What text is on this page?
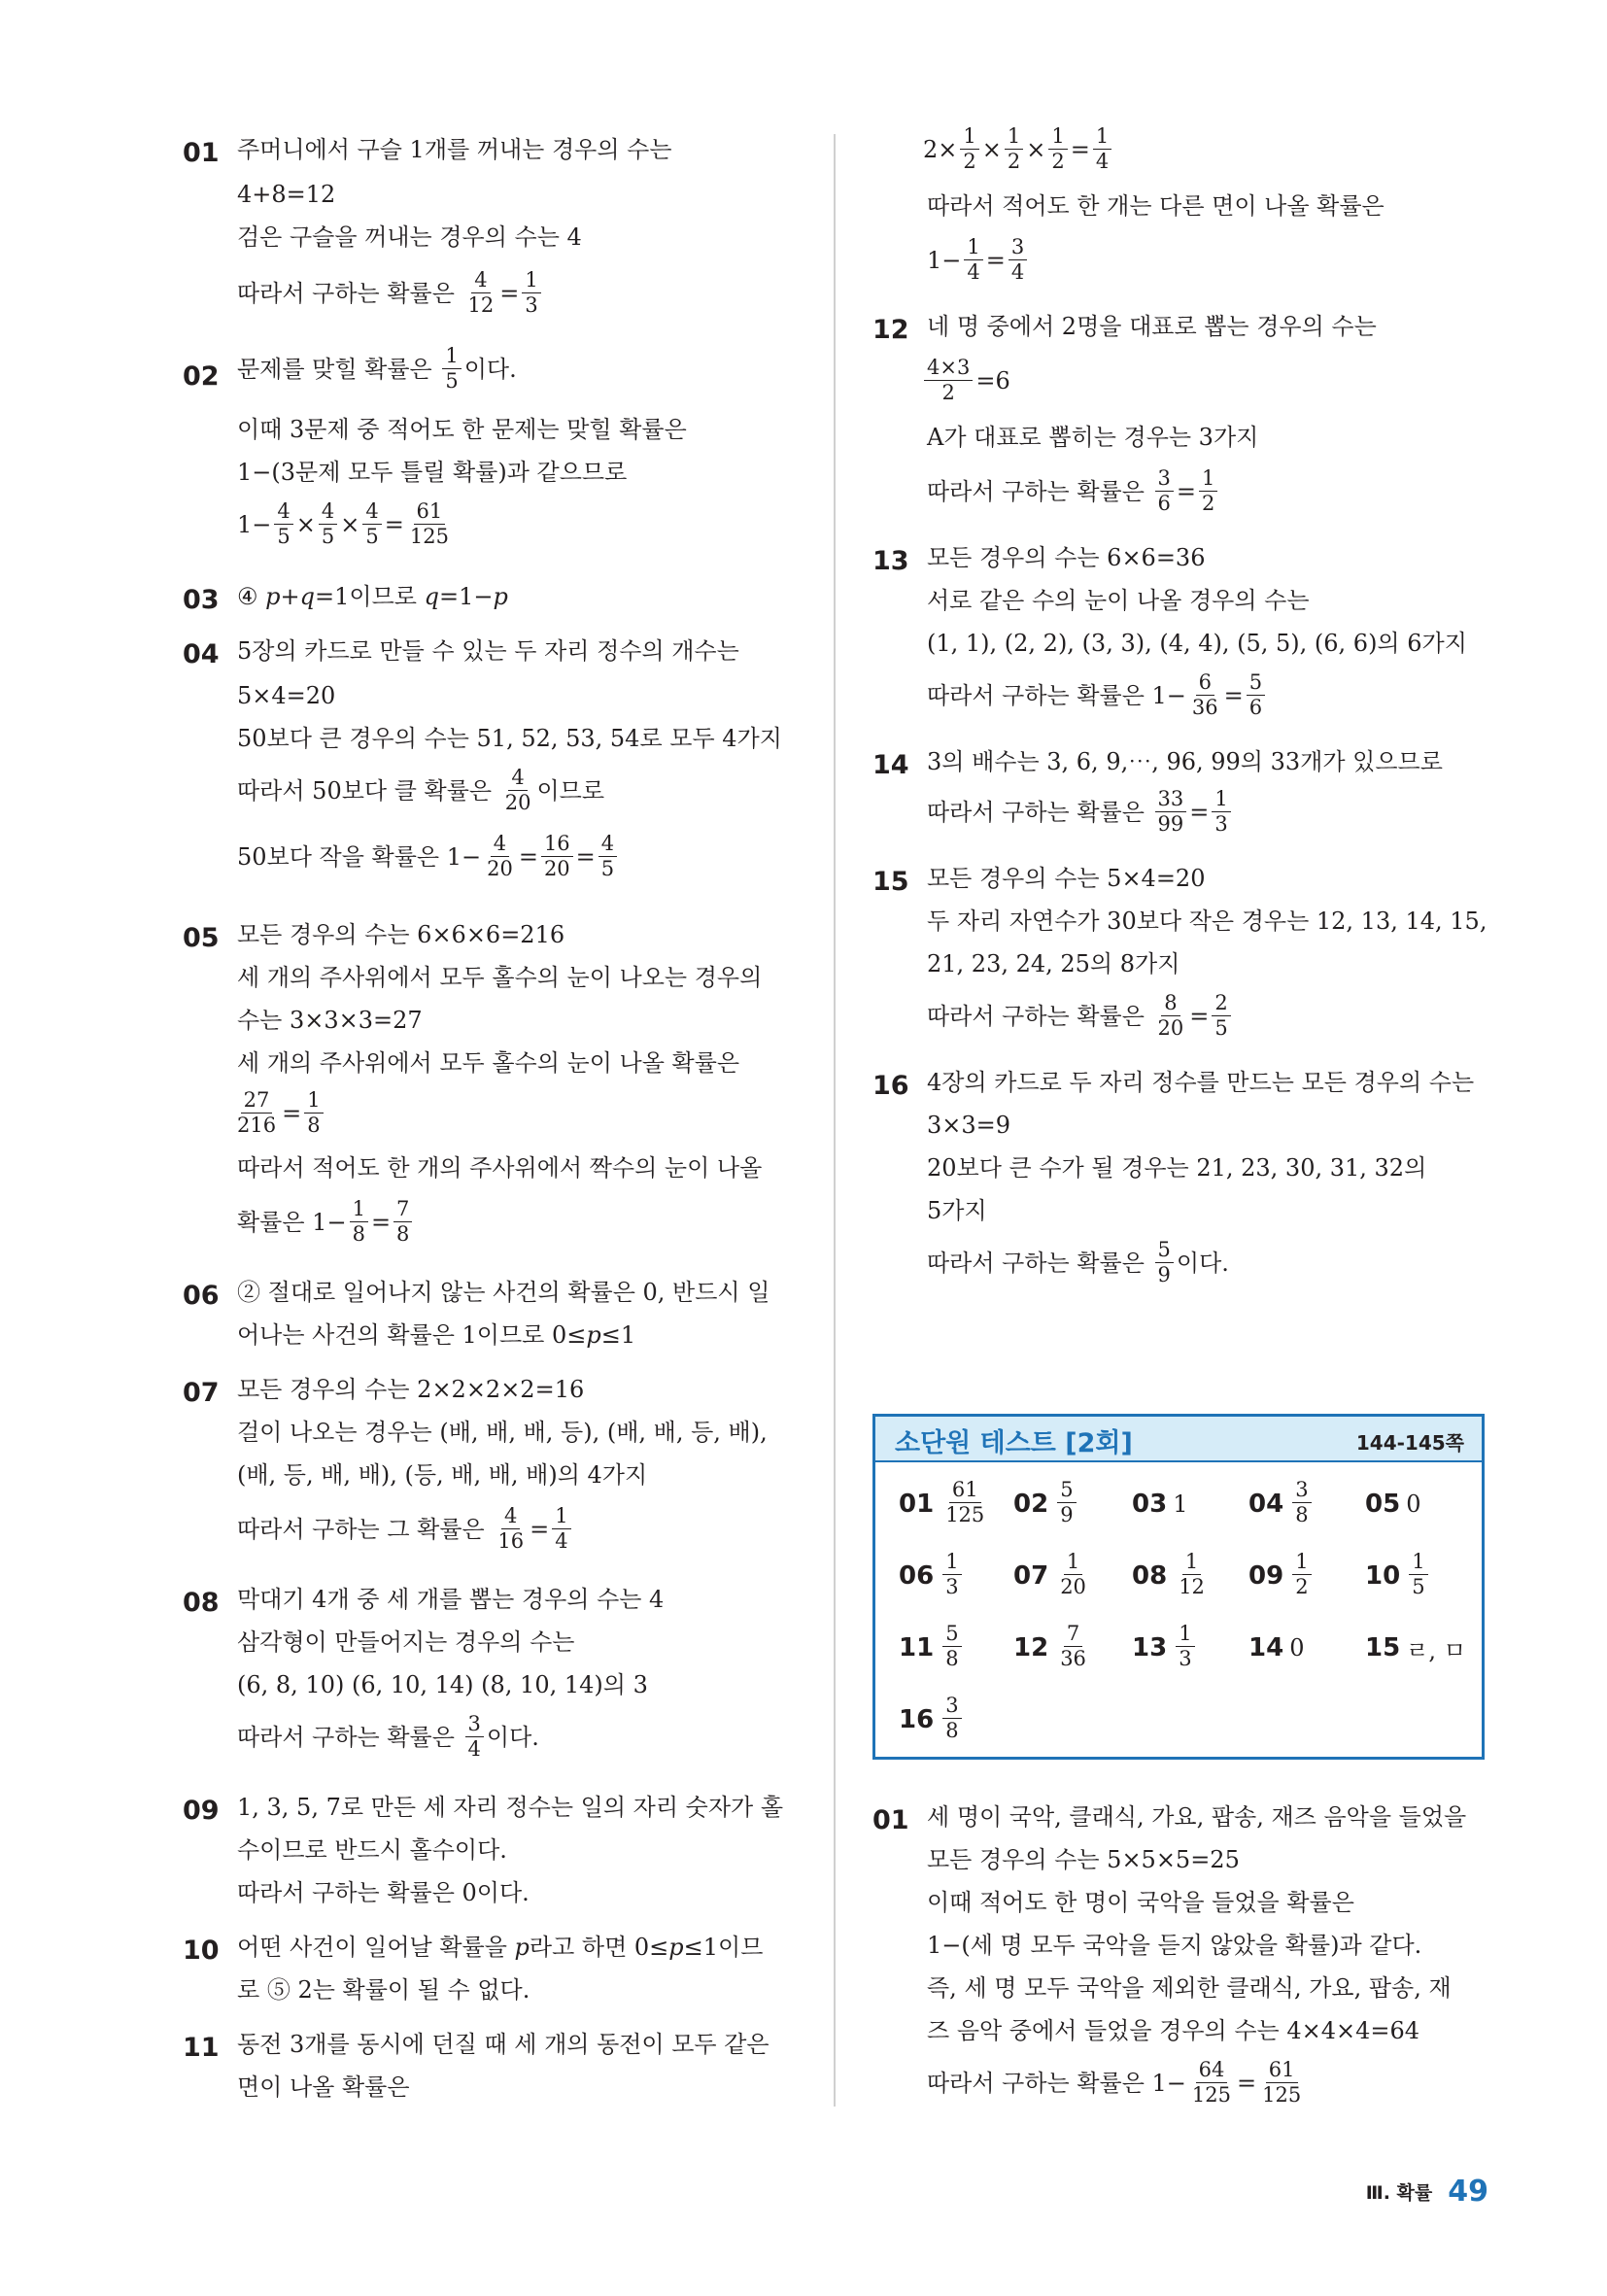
01 주머니에서 구슬 1개를 꺼내는 경우의 수는
4+8=12
검은 구슬을 꺼내는 경우의 수는 4
따라서 구하는 확률은 $\frac{4}{12} = \frac{1}{3}$
02 문제를 맞힐 확률은 $\frac{1}{5}$ 이다.
이때 3문제 중 적어도 한 문제는 맞힐 확률은
1−(3문제 모두 틀릴 확률)과 같으므로
$1- \frac{4}{5} \times \frac{4}{5} \times \frac{4}{5} = \frac{61}{125}$
03 ④ p+q=1이므로 q=1−p
04 5장의 카드로 만들 수 있는 두 자리 정수의 개수는
5×4=20
50보다 큰 경우의 수는 51, 52, 53, 54로 모두 4가지
따라서 50보다 클 확률은 $\frac{4}{20}$ 이므로
50보다 작을 확률은 $1- \frac{4}{20} = \frac{16}{20} = \frac{4}{5}$
05 모든 경우의 수는 6×6×6=216
세 개의 주사위에서 모두 홀수의 눈이 나오는 경우의
수는 3×3×3=27
세 개의 주사위에서 모두 홀수의 눈이 나올 확률은
$\frac{27}{216} = \frac{1}{8}$
따라서 적어도 한 개의 주사위에서 짝수의 눈이 나올
확률은 $1- \frac{1}{8} = \frac{7}{8}$
06 ② 절대로 일어나지 않는 사건의 확률은 0, 반드시 일
어나는 사건의 확률은 1이므로 0≤p≤1
07 모든 경우의 수는 2×2×2×2=16
걸이 나오는 경우는 (배, 배, 배, 등), (배, 배, 등, 배),
(배, 등, 배, 배), (등, 배, 배, 배)의 4가지
따라서 구하는 그 확률은 $\frac{4}{16} = \frac{1}{4}$
08 막대기 4개 중 세 개를 뽑는 경우의 수는 4
삼각형이 만들어지는 경우의 수는
(6, 8, 10) (6, 10, 14) (8, 10, 14)의 3
따라서 구하는 확률은 $\frac{3}{4}$ 이다.
09 1, 3, 5, 7로 만든 세 자리 정수는 일의 자리 숫자가 홀
수이므로 반드시 홀수이다.
따라서 구하는 확률은 0이다.
10 어떤 사건이 일어날 확률을 p라고 하면 0≤p≤1이므
로 ⑤ 2는 확률이 될 수 없다.
11 동전 3개를 동시에 던질 때 세 개의 동전이 모두 같은
면이 나올 확률은
$2\times \frac{1}{2} \times \frac{1}{2} \times \frac{1}{2} = \frac{1}{4}$
따라서 적어도 한 개는 다른 면이 나올 확률은
$1- \frac{1}{4} = \frac{3}{4}$
12 네 명 중에서 2명을 대표로 뽑는 경우의 수는
$\frac{4\times 3}{2} =6$
A가 대표로 뽑히는 경우는 3가지
따라서 구하는 확률은 $\frac{3}{6} = \frac{1}{2}$
13 모든 경우의 수는 6×6=36
서로 같은 수의 눈이 나올 경우의 수는
(1, 1), (2, 2), (3, 3), (4, 4), (5, 5), (6, 6)의 6가지
따라서 구하는 확률은 $1- \frac{6}{36} = \frac{5}{6}$
14 3의 배수는 3, 6, 9,⋯, 96, 99의 33개가 있으므로
따라서 구하는 확률은 $\frac{33}{99} = \frac{1}{3}$
15 모든 경우의 수는 5×4=20
두 자리 자연수가 30보다 작은 경우는 12, 13, 14, 15,
21, 23, 24, 25의 8가지
따라서 구하는 확률은 $\frac{8}{20} = \frac{2}{5}$
16 4장의 카드로 두 자리 정수를 만드는 모든 경우의 수는
3×3=9
20보다 큰 수가 될 경우는 21, 23, 30, 31, 32의
5가지
따라서 구하는 확률은 $\frac{5}{9}$ 이다.
소단원 테스트 [2회]	144-145쪽
$01 \frac{61}{125} 02 \frac{5}{9} 03$ 1 $04 \frac{3}{8} 05$ 0
$06 \frac{1}{3} 07 \frac{1}{20} 08 \frac{1}{12} 09 \frac{1}{2} 10 \frac{1}{5}$
$11 \frac{5}{8} 12 \frac{7}{36} 13 \frac{1}{3} 14$ 0 15 ㄹ, ㅁ
$16 \frac{3}{8}$
01 세 명이 국악, 클래식, 가요, 팝송, 재즈 음악을 들었을
모든 경우의 수는 5×5×5=25
이때 적어도 한 명이 국악을 들었을 확률은
1−(세 명 모두 국악을 듣지 않았을 확률)과 같다.
즉, 세 명 모두 국악을 제외한 클래식, 가요, 팝송, 재
즈 음악 중에서 들었을 경우의 수는 4×4×4=64
따라서 구하는 확률은 $1- \frac{64}{125} = \frac{61}{125}$
Ⅲ. 확률 49
